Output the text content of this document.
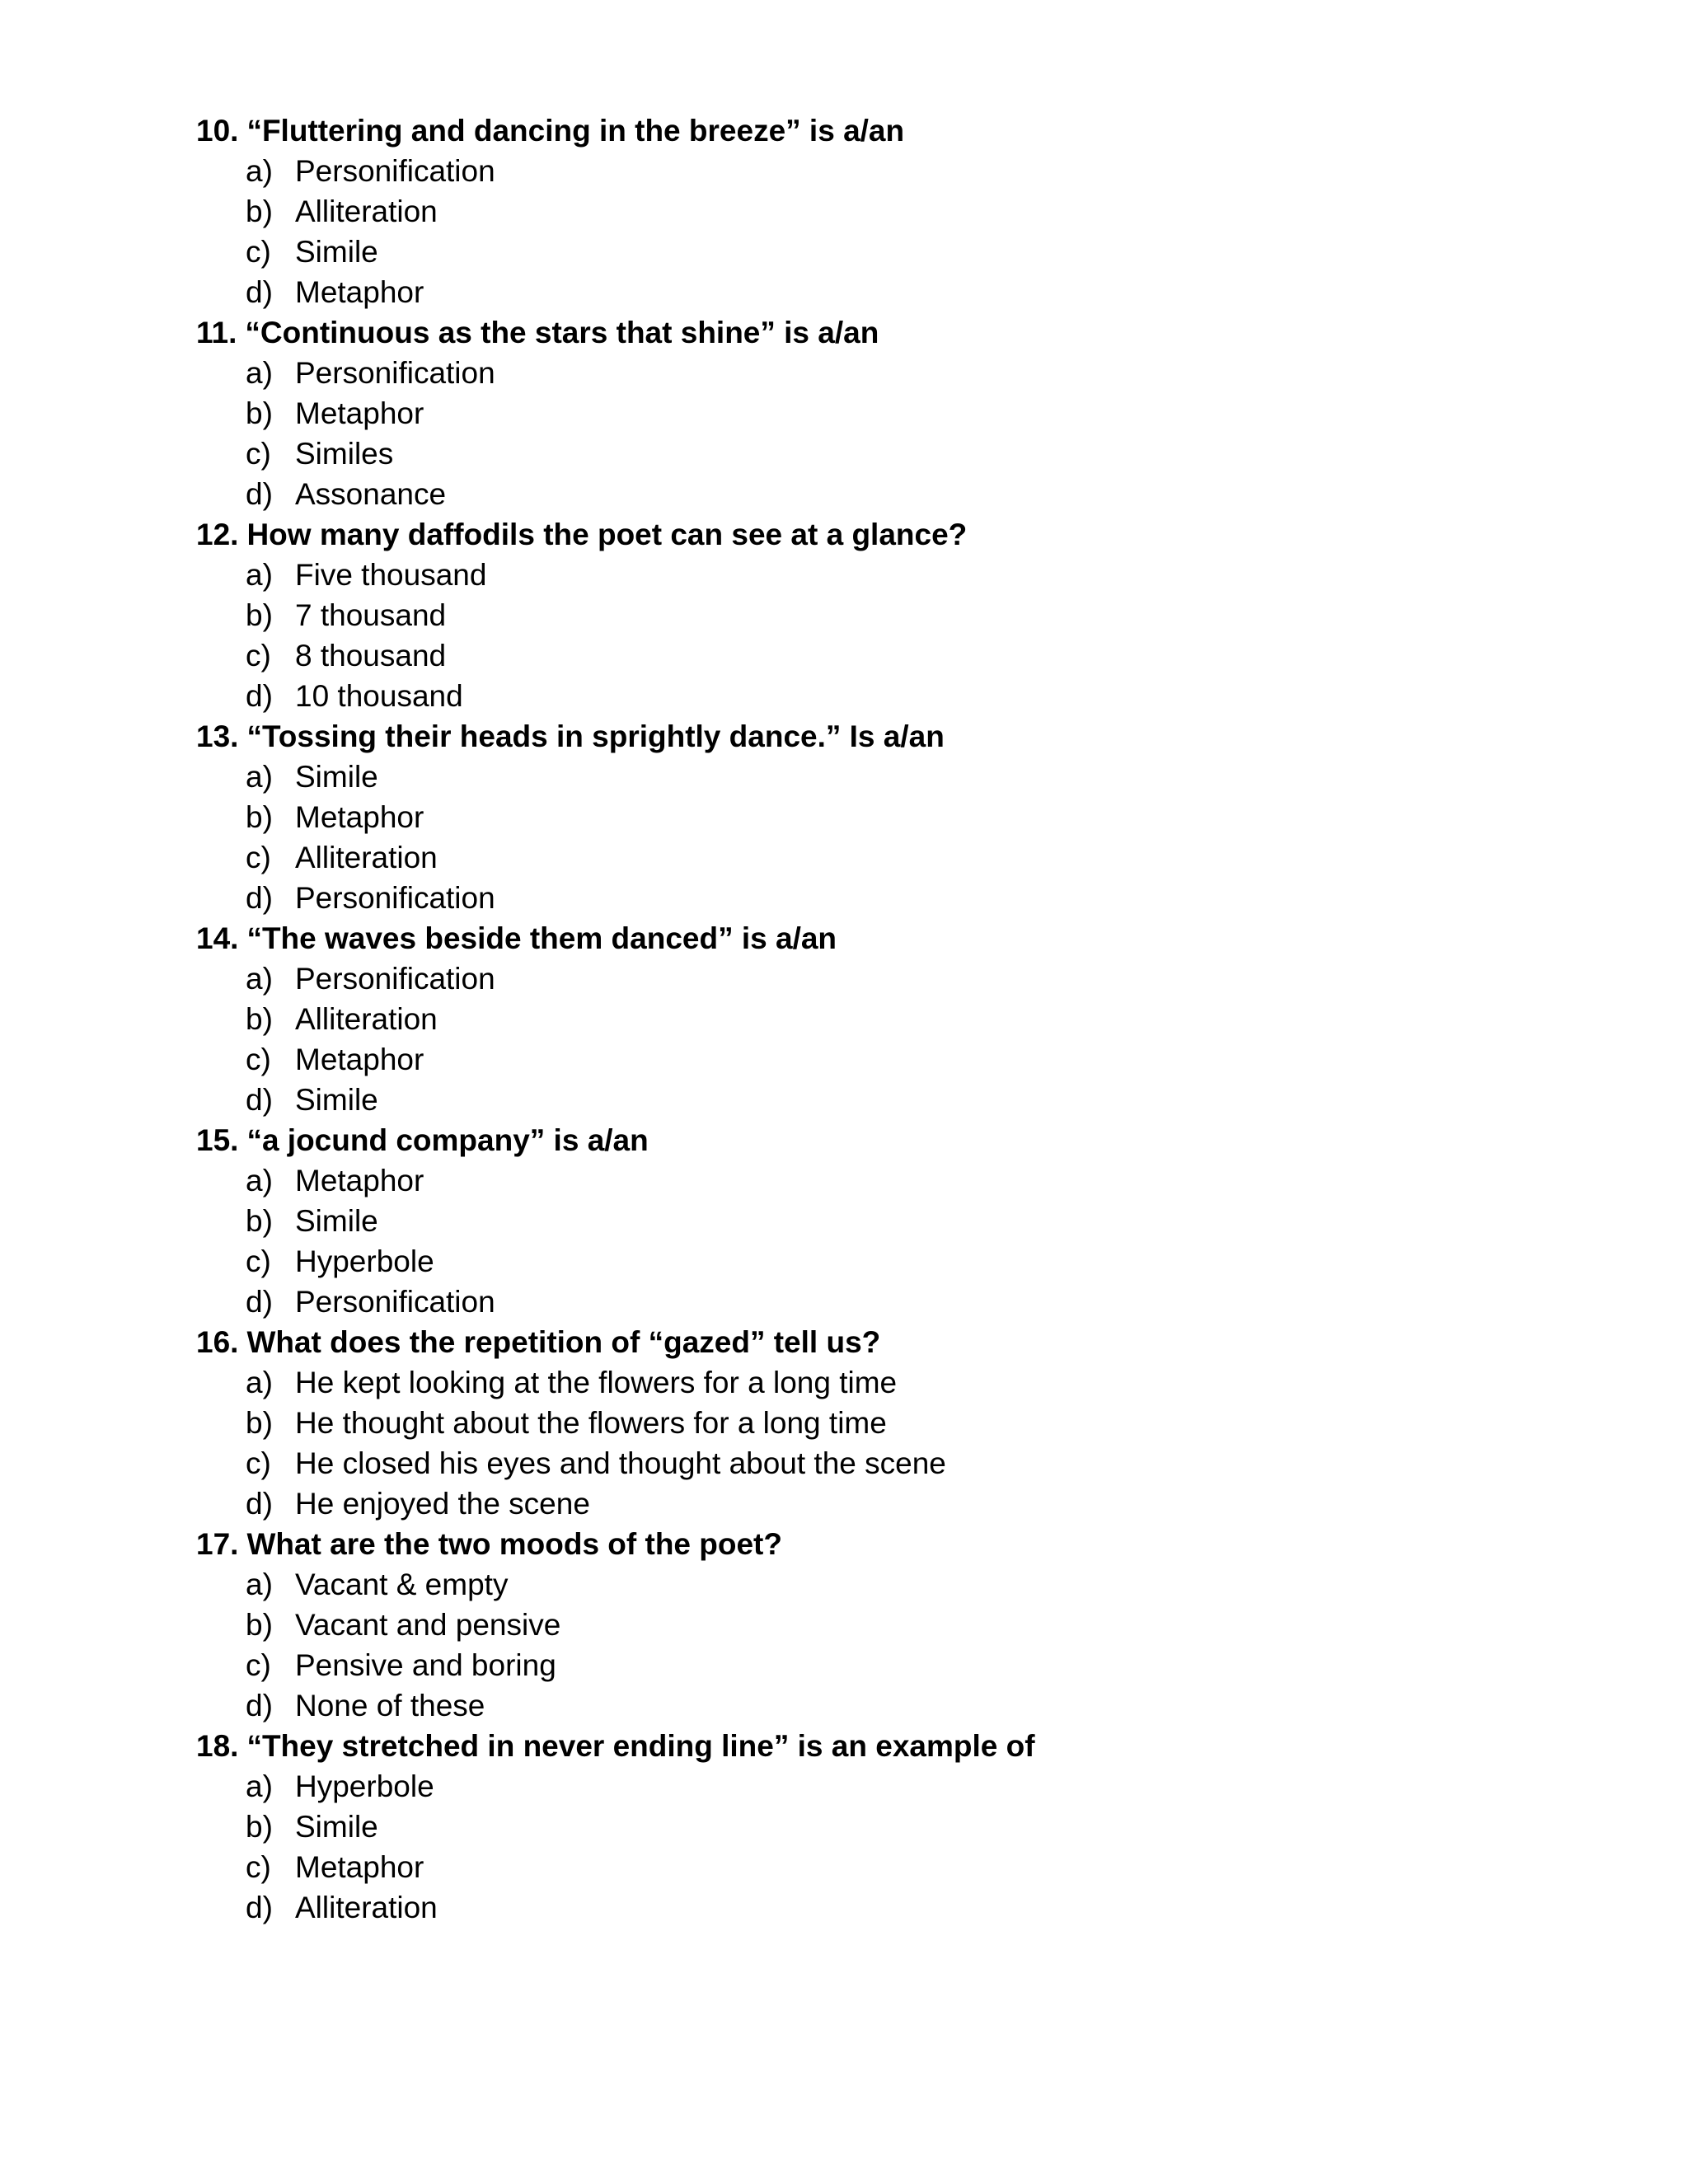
10. “Fluttering and dancing in the breeze” is a/an
a) Personification
b) Alliteration
c) Simile
d) Metaphor
11. “Continuous as the stars that shine” is a/an
a) Personification
b) Metaphor
c) Similes
d) Assonance
12. How many daffodils the poet can see at a glance?
a) Five thousand
b) 7 thousand
c) 8 thousand
d) 10 thousand
13. “Tossing their heads in sprightly dance.” Is a/an
a) Simile
b) Metaphor
c) Alliteration
d) Personification
14. “The waves beside them danced” is a/an
a) Personification
b) Alliteration
c) Metaphor
d) Simile
15. “a jocund company” is a/an
a) Metaphor
b) Simile
c) Hyperbole
d) Personification
16. What does the repetition of “gazed” tell us?
a) He kept looking at the flowers for a long time
b) He thought about the flowers for a long time
c) He closed his eyes and thought about the scene
d) He enjoyed the scene
17. What are the two moods of the poet?
a) Vacant & empty
b) Vacant and pensive
c) Pensive and boring
d) None of these
18. “They stretched in never ending line” is an example of
a) Hyperbole
b) Simile
c) Metaphor
d) Alliteration
